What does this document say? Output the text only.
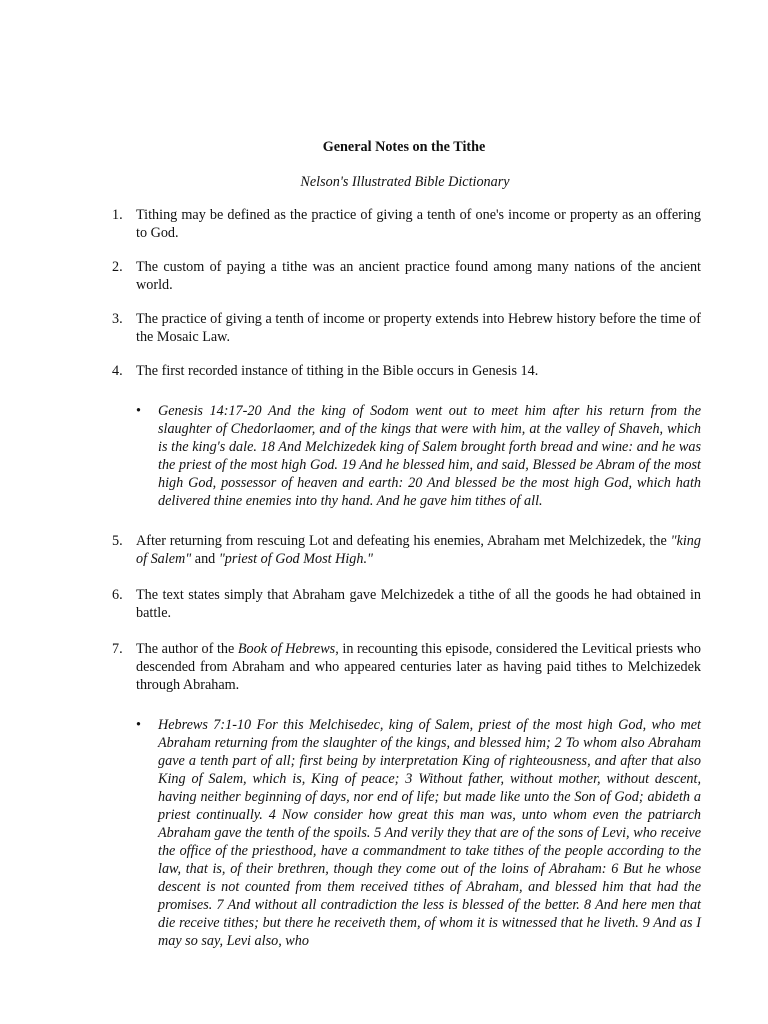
General Notes on the Tithe
Nelson's Illustrated Bible Dictionary
1. Tithing may be defined as the practice of giving a tenth of one's income or property as an offering to God.

2. The custom of paying a tithe was an ancient practice found among many nations of the ancient world.

3. The practice of giving a tenth of income or property extends into Hebrew history before the time of the Mosaic Law.

4. The first recorded instance of tithing in the Bible occurs in Genesis 14.

• Genesis 14:17-20 And the king of Sodom went out to meet him after his return from the slaughter of Chedorlaomer, and of the kings that were with him, at the valley of Shaveh, which is the king's dale. 18 And Melchizedek king of Salem brought forth bread and wine: and he was the priest of the most high God. 19 And he blessed him, and said, Blessed be Abram of the most high God, possessor of heaven and earth: 20 And blessed be the most high God, which hath delivered thine enemies into thy hand. And he gave him tithes of all.

5. After returning from rescuing Lot and defeating his enemies, Abraham met Melchizedek, the "king of Salem" and "priest of God Most High."

6. The text states simply that Abraham gave Melchizedek a tithe of all the goods he had obtained in battle.

7. The author of the Book of Hebrews, in recounting this episode, considered the Levitical priests who descended from Abraham and who appeared centuries later as having paid tithes to Melchizedek through Abraham.

• Hebrews 7:1-10 For this Melchisedec, king of Salem, priest of the most high God, who met Abraham returning from the slaughter of the kings, and blessed him; 2 To whom also Abraham gave a tenth part of all; first being by interpretation King of righteousness, and after that also King of Salem, which is, King of peace; 3 Without father, without mother, without descent, having neither beginning of days, nor end of life; but made like unto the Son of God; abideth a priest continually. 4 Now consider how great this man was, unto whom even the patriarch Abraham gave the tenth of the spoils. 5 And verily they that are of the sons of Levi, who receive the office of the priesthood, have a commandment to take tithes of the people according to the law, that is, of their brethren, though they come out of the loins of Abraham: 6 But he whose descent is not counted from them received tithes of Abraham, and blessed him that had the promises. 7 And without all contradiction the less is blessed of the better. 8 And here men that die receive tithes; but there he receiveth them, of whom it is witnessed that he liveth. 9 And as I may so say, Levi also, who
